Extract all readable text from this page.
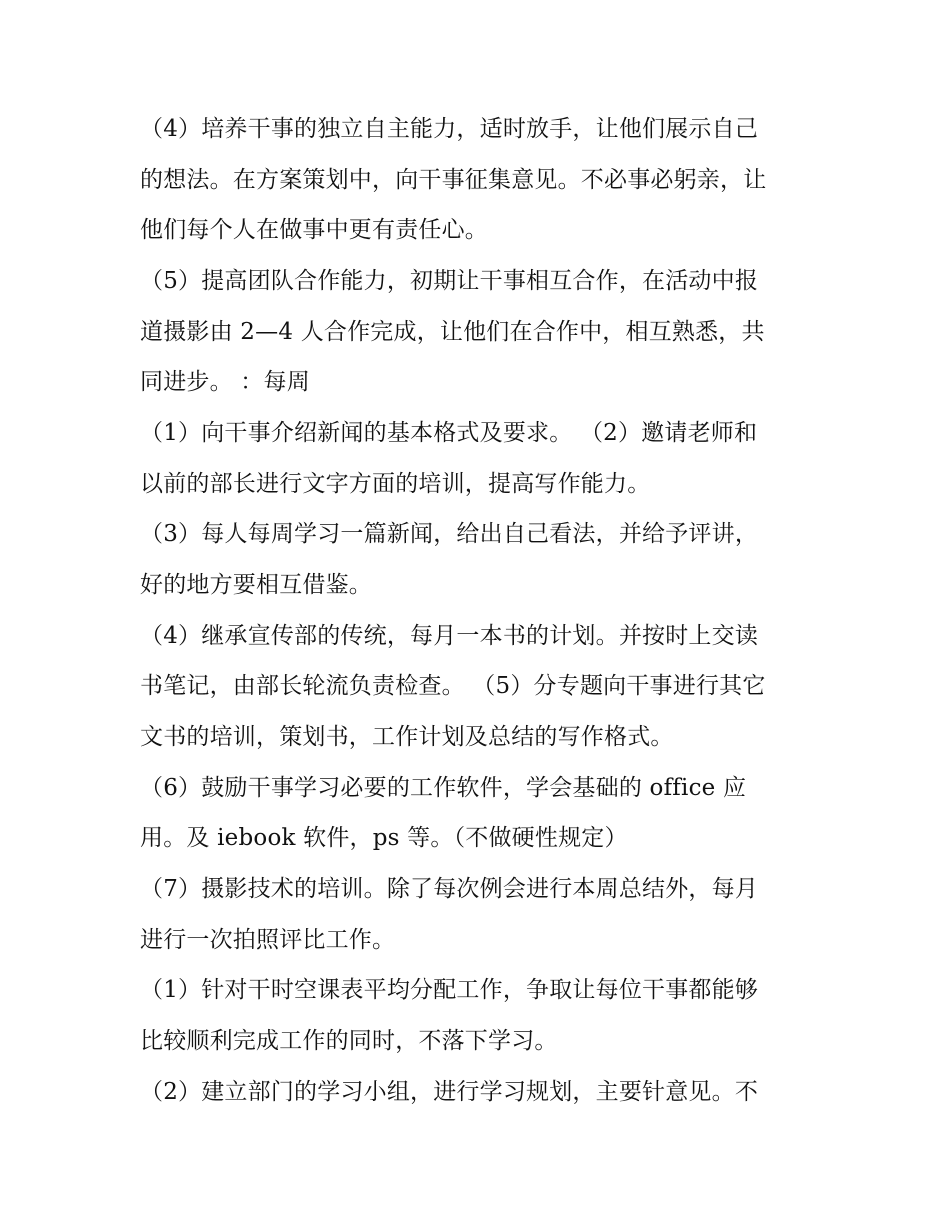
（4）培养干事的独立自主能力，适时放手，让他们展示自己
的想法。在方案策划中，向干事征集意见。不必事必躬亲，让
他们每个人在做事中更有责任心。
（5）提高团队合作能力，初期让干事相互合作，在活动中报
道摄影由 2—4 人合作完成，让他们在合作中，相互熟悉，共
同进步。 ：每周
（1）向干事介绍新闻的基本格式及要求。 （2）邀请老师和
以前的部长进行文字方面的培训，提高写作能力。
（3）每人每周学习一篇新闻，给出自己看法，并给予评讲，
好的地方要相互借鉴。
（4）继承宣传部的传统，每月一本书的计划。并按时上交读
书笔记，由部长轮流负责检查。 （5）分专题向干事进行其它
文书的培训，策划书，工作计划及总结的写作格式。
（6）鼓励干事学习必要的工作软件，学会基础的 office 应
用。及 iebook 软件，ps 等。（不做硬性规定）
（7）摄影技术的培训。除了每次例会进行本周总结外，每月
进行一次拍照评比工作。
（1）针对干时空课表平均分配工作，争取让每位干事都能够
比较顺利完成工作的同时，不落下学习。
（2）建立部门的学习小组，进行学习规划，主要针意见。不
